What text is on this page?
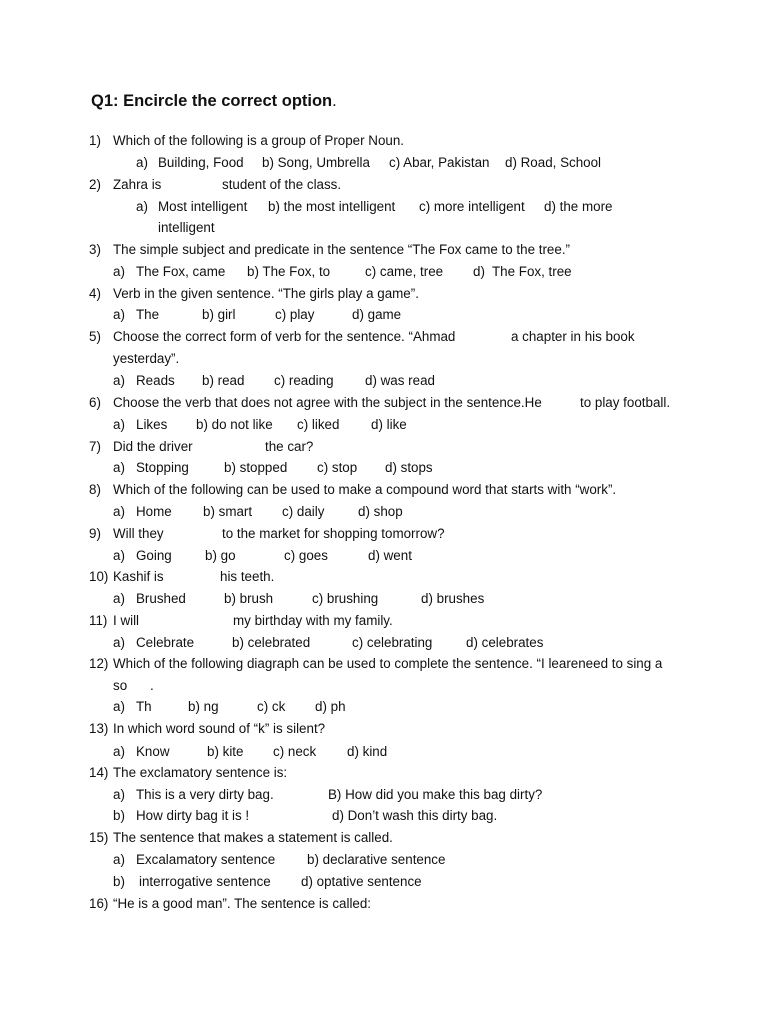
Q1: Encircle the correct option.
1) Which of the following is a group of Proper Noun.
a) Building, Food b) Song, Umbrella c) Abar, Pakistan d) Road, School
2) Zahra is	student of the class.
a) Most intelligent b) the most intelligent c) more intelligent d) the more
intelligent
3) The simple subject and predicate in the sentence “The Fox came to the tree.”
a) The Fox, came b) The Fox, to	c) came, tree d) The Fox, tree
4) Verb in the given sentence. “The girls play a game”.
a) The	b) girl	c) play	d) game
5) Choose the correct form of verb for the sentence. “Ahmad	a chapter in his book
yesterday”.
a) Reads b) read c) reading d) was read
6) Choose the verb that does not agree with the subject in the sentence.He	to play football.
a) Likes b) do not like c) liked d) like
7) Did the driver	the car?
a) Stopping	b) stopped c) stop d) stops
8) Which of the following can be used to make a compound word that starts with “work”.
a) Home b) smart c) daily	d) shop
9) Will they	to the market for shopping tomorrow?
a) Going b) go	c) goes	d) went
10) Kashif is	his teeth.
a) Brushed	b) brush	c) brushing	d) brushes
11) I will	my birthday with my family.
a) Celebrate	b) celebrated	c) celebrating	d) celebrates
12) Which of the following diagraph can be used to complete the sentence. “I leareneed to sing a
so .
a) Th	b) ng	c) ck d) ph
13) In which word sound of “k” is silent?
a) Know	b) kite c) neck d) kind
14) The exclamatory sentence is:
a) This is a very dirty bag.	B) How did you make this bag dirty?
b) How dirty bag it is !	d) Don’t wash this dirty bag.
15) The sentence that makes a statement is called.
a) Excalamatory sentence b) declarative sentence
b) interrogative sentence d) optative sentence
16) “He is a good man”. The sentence is called:
